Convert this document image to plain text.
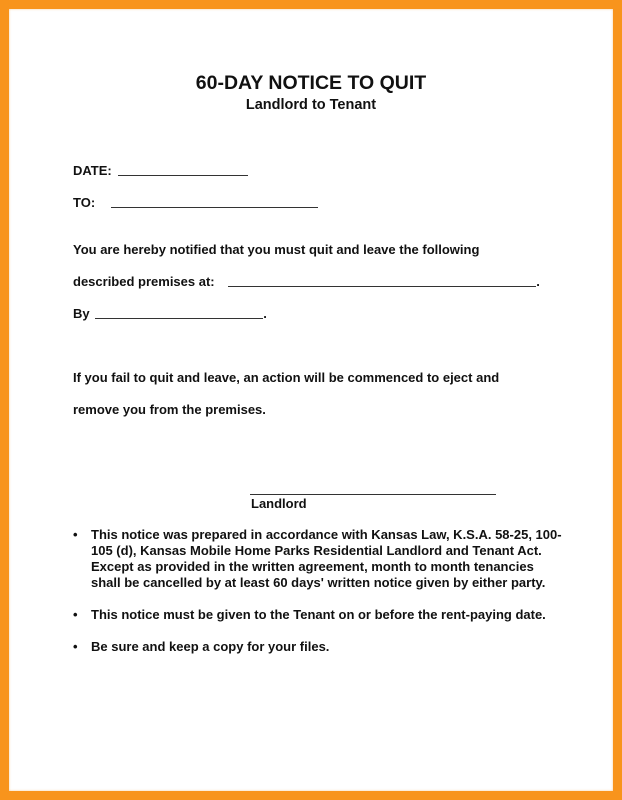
60-DAY NOTICE TO QUIT
Landlord to Tenant
DATE:
TO:
You are hereby notified that you must quit and leave the following
described premises at:	.
By	.
If you fail to quit and leave, an action will be commenced to eject and
remove you from the premises.
Landlord
• This notice was prepared in accordance with Kansas Law, K.S.A. 58-25, 100-105 (d), Kansas Mobile Home Parks Residential Landlord and Tenant Act. Except as provided in the written agreement, month to month tenancies shall be cancelled by at least 60 days' written notice given by either party.
• This notice must be given to the Tenant on or before the rent-paying date.
• Be sure and keep a copy for your files.
